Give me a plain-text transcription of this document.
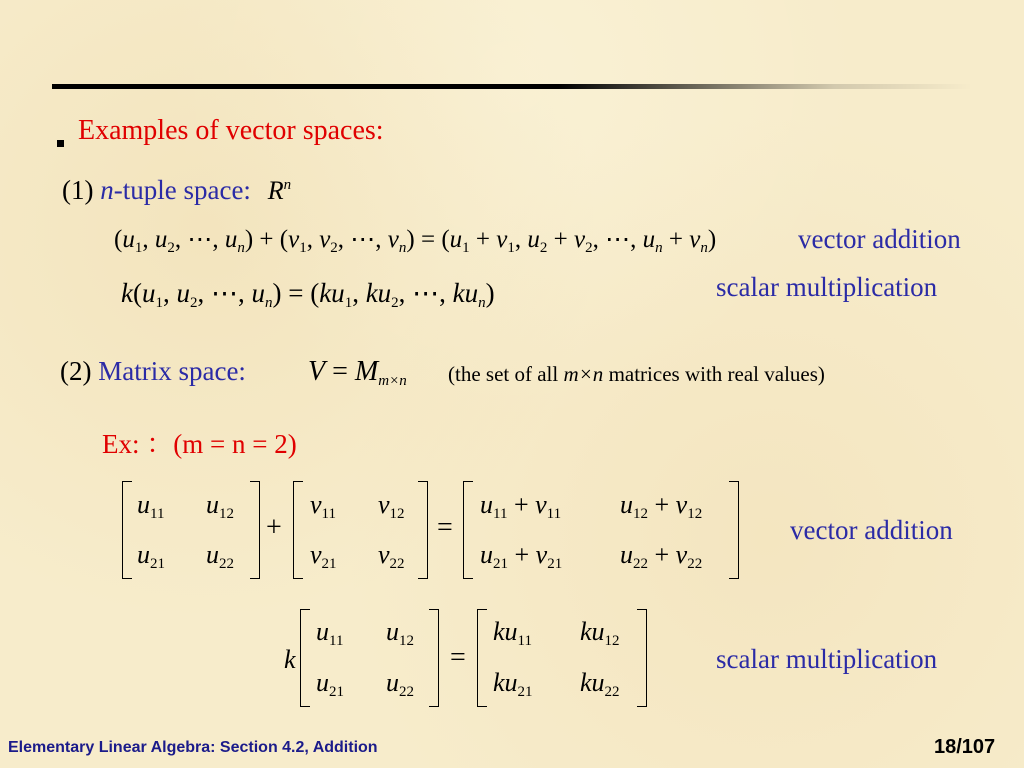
Examples of vector spaces:
(1) n-tuple space: $R^n$
($u_1$, $u_2$, ⋯, $u_n) + (v_1$, $v_2$, ⋯, $v_n) = (u_1 + v_1$, $u_2 + v_2$, ⋯, $u_n + v_n$)	vector addition
$k(u_1$, $u_2$, ⋯, $u_n) = (ku_1$, $ku_2$, ⋯, $ku_n$)	scalar multiplication
(2) Matrix space: $V = M_{m\times n}$ (the set of all m×n matrices with real values)
Ex: ：(m = n = 2)
$u_{11}$ $u_{12}$
$u_{21}$ $u_{22}$
+
$v_{11}$ $v_{12}$
$v_{21}$ $v_{22}$
=
$u_{11} + v_{11}$ $u_{12} + v_{12}$
$u_{21} + v_{21}$ $u_{22} + v_{22}$
vector addition
k
$u_{11}$ $u_{12}$
$u_{21}$ $u_{22}$
=
$ku_{11}$ $ku_{12}$
$ku_{21}$ $ku_{22}$
scalar multiplication
Elementary Linear Algebra: Section 4.2, Addition	18/107
